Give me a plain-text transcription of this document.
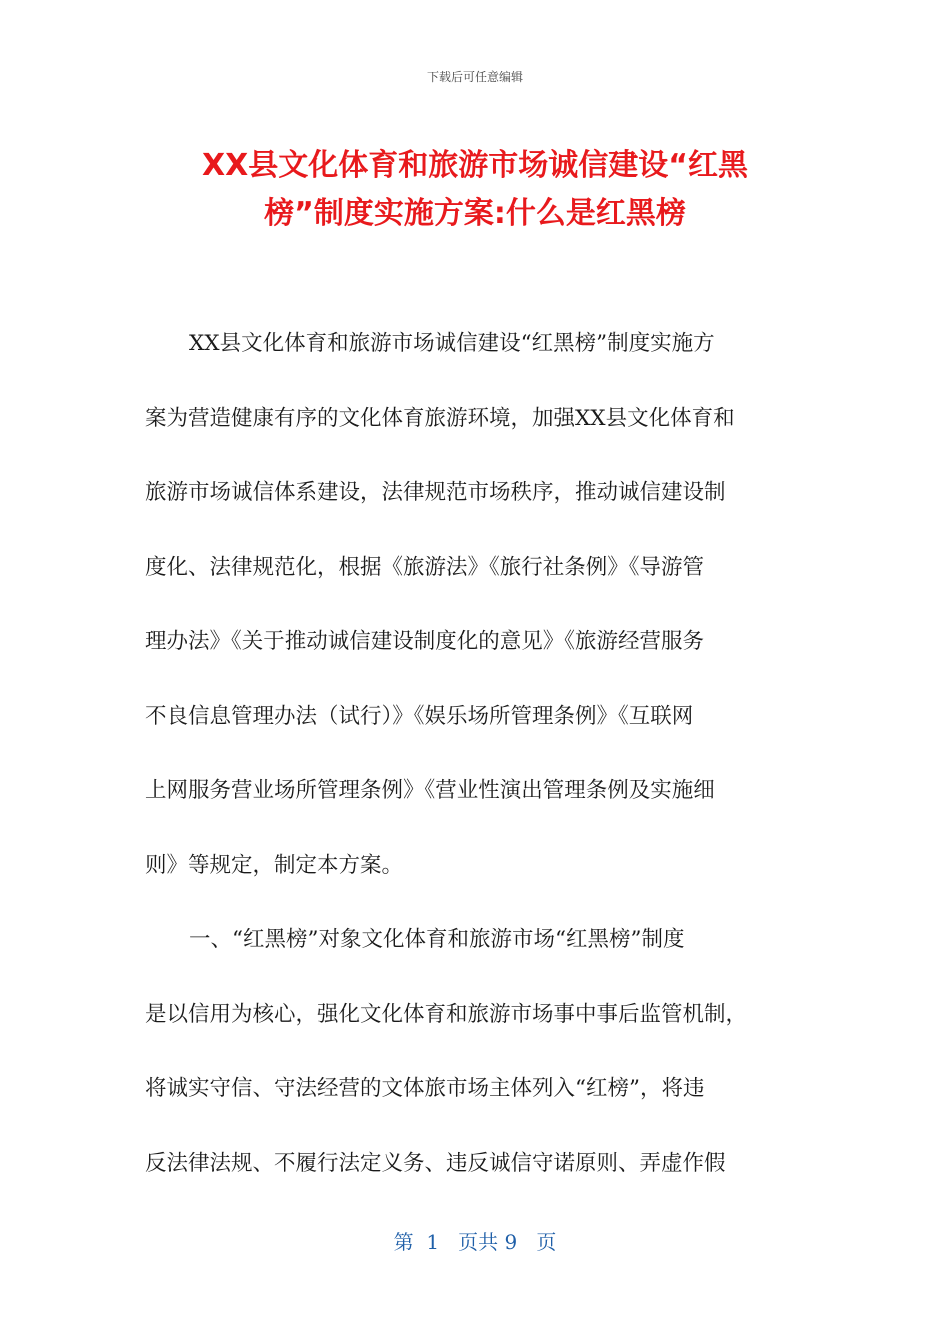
下载后可任意编辑
XX县文化体育和旅游市场诚信建设“红黑
榜”制度实施方案:什么是红黑榜
XX县文化体育和旅游市场诚信建设“红黑榜”制度实施方
案为营造健康有序的文化体育旅游环境，加强XX县文化体育和
旅游市场诚信体系建设，法律规范市场秩序，推动诚信建设制
度化、法律规范化，根据《旅游法》《旅行社条例》《导游管
理办法》《关于推动诚信建设制度化的意见》《旅游经营服务
不良信息管理办法（试行）》《娱乐场所管理条例》《互联网
上网服务营业场所管理条例》《营业性演出管理条例及实施细
则》等规定，制定本方案。
一、“红黑榜”对象文化体育和旅游市场“红黑榜”制度
是以信用为核心，强化文化体育和旅游市场事中事后监管机制，
将诚实守信、守法经营的文体旅市场主体列入“红榜”，将违
反法律法规、不履行法定义务、违反诚信守诺原则、弄虚作假
第  1   页共 9   页
